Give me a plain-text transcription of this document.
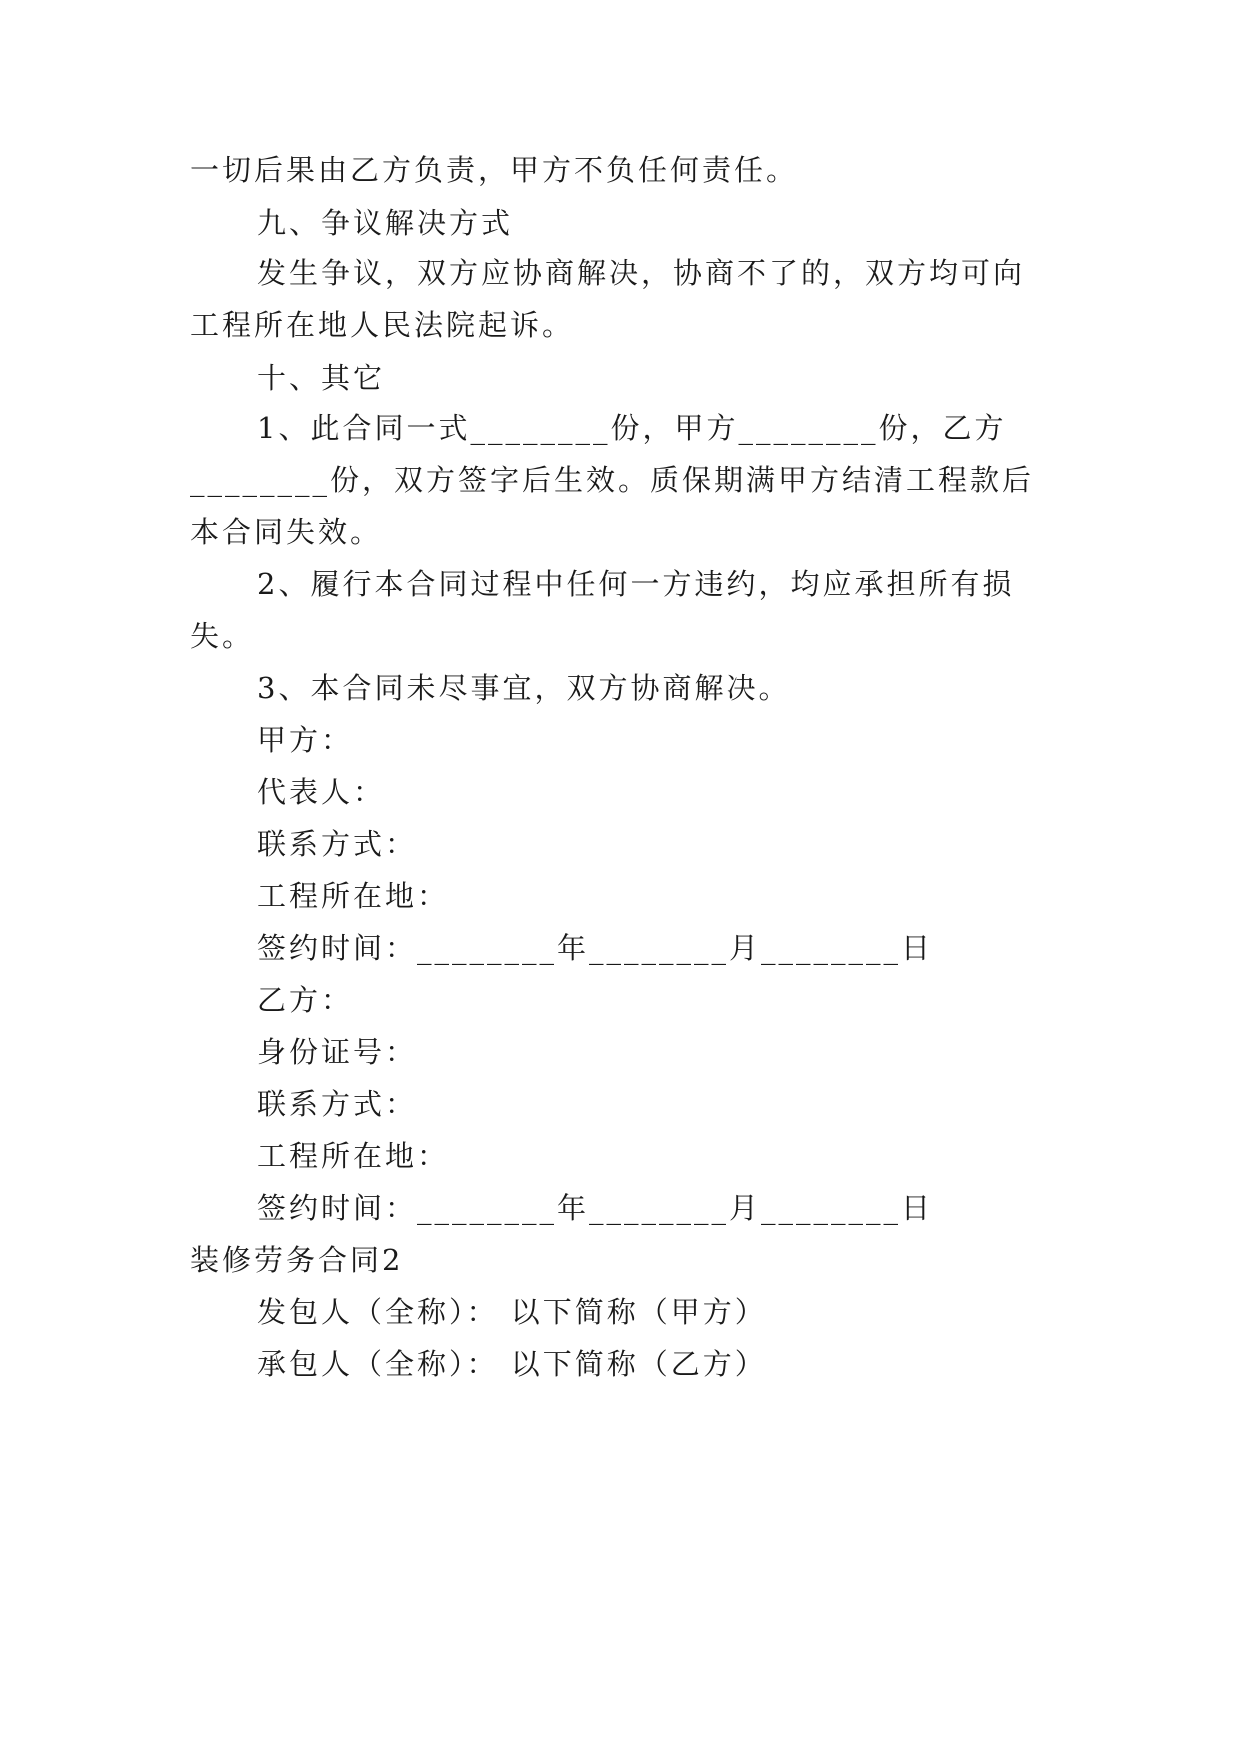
一切后果由乙方负责，甲方不负任何责任。
九、争议解决方式
发生争议，双方应协商解决，协商不了的，双方均可向
工程所在地人民法院起诉。
十、其它
1、此合同一式________份，甲方________份，乙方
________份，双方签字后生效。质保期满甲方结清工程款后
本合同失效。
2、履行本合同过程中任何一方违约，均应承担所有损
失。
3、本合同未尽事宜，双方协商解决。
甲方：
代表人：
联系方式：
工程所在地：
签约时间：________年________月________日
乙方：
身份证号：
联系方式：
工程所在地：
签约时间：________年________月________日
装修劳务合同2
发包人（全称）： 以下简称（甲方）
承包人（全称）： 以下简称（乙方）
